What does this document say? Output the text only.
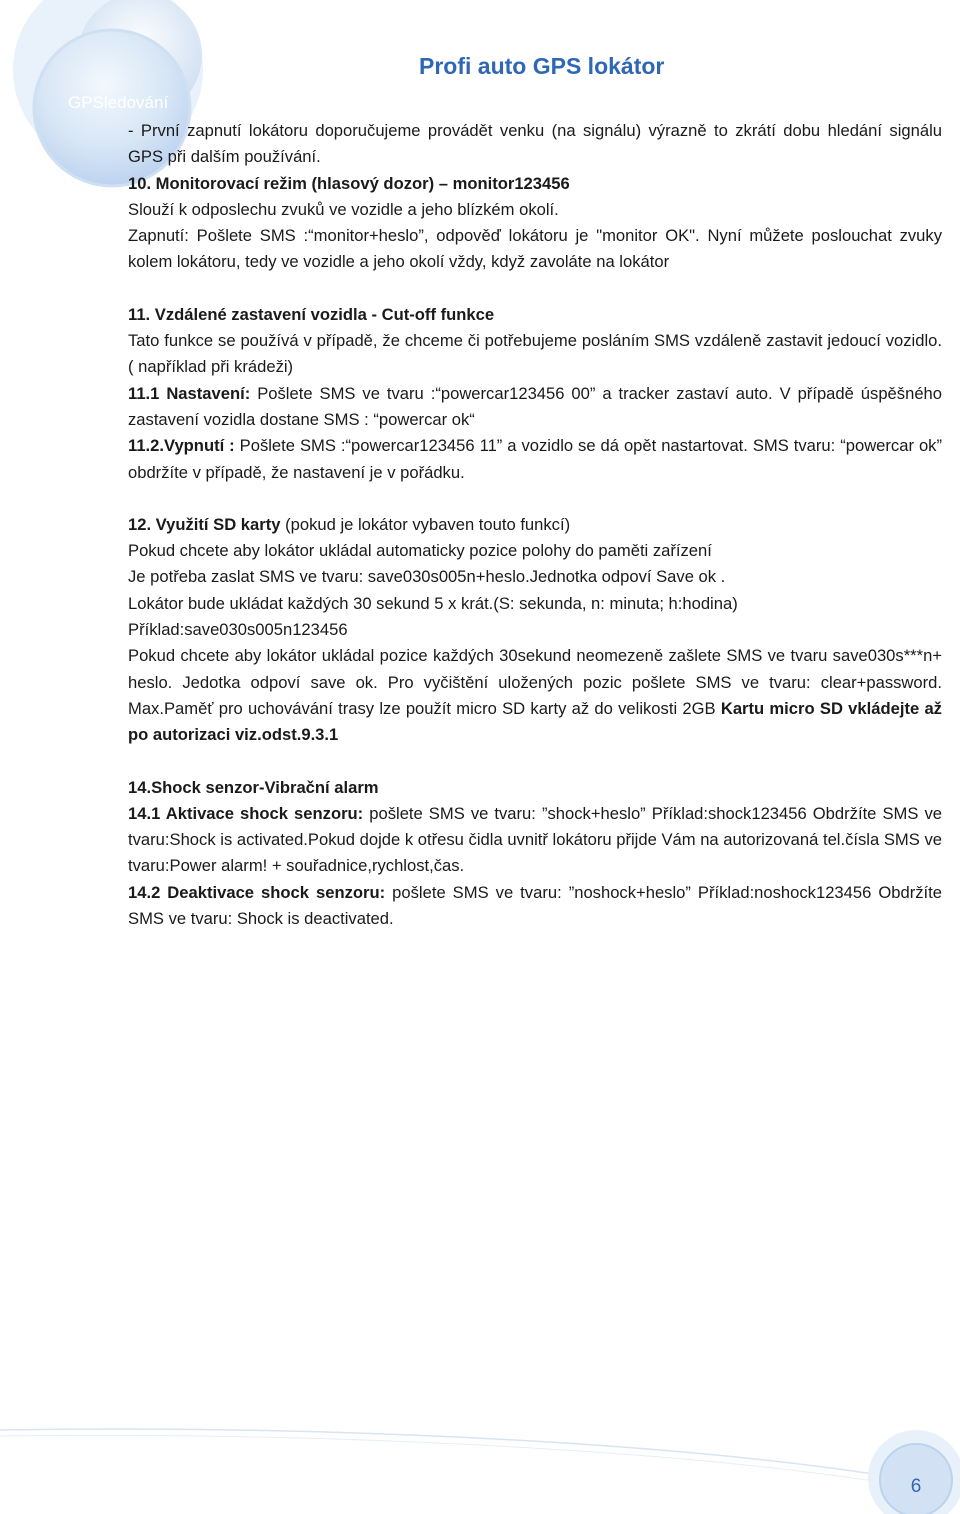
GPSledování
Profi auto GPS lokátor

- První zapnutí lokátoru doporučujeme provádět venku (na signálu) výrazně to zkrátí dobu hledání signálu GPS při dalším používání.

10. Monitorovací režim (hlasový dozor) – monitor123456

Slouží k odposlechu zvuků ve vozidle a jeho blízkém okolí.

Zapnutí: Pošlete SMS :“monitor+heslo”, odpověď lokátoru je "monitor OK". Nyní můžete poslouchat zvuky kolem lokátoru, tedy ve vozidle a jeho okolí vždy, když zavoláte na lokátor

11. Vzdálené zastavení vozidla - Cut-off funkce

Tato funkce se používá v případě, že chceme či potřebujeme posláním SMS vzdáleně zastavit jedoucí vozidlo.( například při krádeži)

11.1 Nastavení: Pošlete SMS ve tvaru :“powercar123456 00” a tracker zastaví auto. V případě úspěšného zastavení vozidla dostane SMS : “powercar ok“

11.2.Vypnutí : Pošlete SMS :“powercar123456 11” a vozidlo se dá opět nastartovat. SMS tvaru: “powercar ok” obdržíte v případě, že nastavení je v pořádku.

12. Využití SD karty (pokud je lokátor vybaven touto funkcí)

Pokud chcete aby lokátor ukládal automaticky pozice polohy do paměti zařízení

Je potřeba zaslat SMS ve tvaru: save030s005n+heslo.Jednotka odpoví Save ok .

Lokátor bude ukládat každých 30 sekund 5 x krát.(S: sekunda, n: minuta; h:hodina)

Příklad:save030s005n123456

Pokud chcete aby lokátor ukládal pozice každých 30sekund neomezeně zašlete SMS ve tvaru save030s***n+ heslo. Jedotka odpoví save ok. Pro vyčištění uložených pozic pošlete SMS ve tvaru: clear+password. Max.Paměť pro uchovávání trasy lze použít micro SD karty až do velikosti 2GB Kartu micro SD vkládejte až po autorizaci viz.odst.9.3.1

14.Shock senzor-Vibrační alarm

14.1 Aktivace shock senzoru: pošlete SMS ve tvaru: ”shock+heslo” Příklad:shock123456 Obdržíte SMS ve tvaru:Shock is activated.Pokud dojde k otřesu čidla uvnitř lokátoru přijde Vám na autorizovaná tel.čísla SMS ve tvaru:Power alarm! + souřadnice,rychlost,čas.

14.2 Deaktivace shock senzoru: pošlete SMS ve tvaru: ”noshock+heslo” Příklad:noshock123456 Obdržíte SMS ve tvaru: Shock is deactivated.

6
